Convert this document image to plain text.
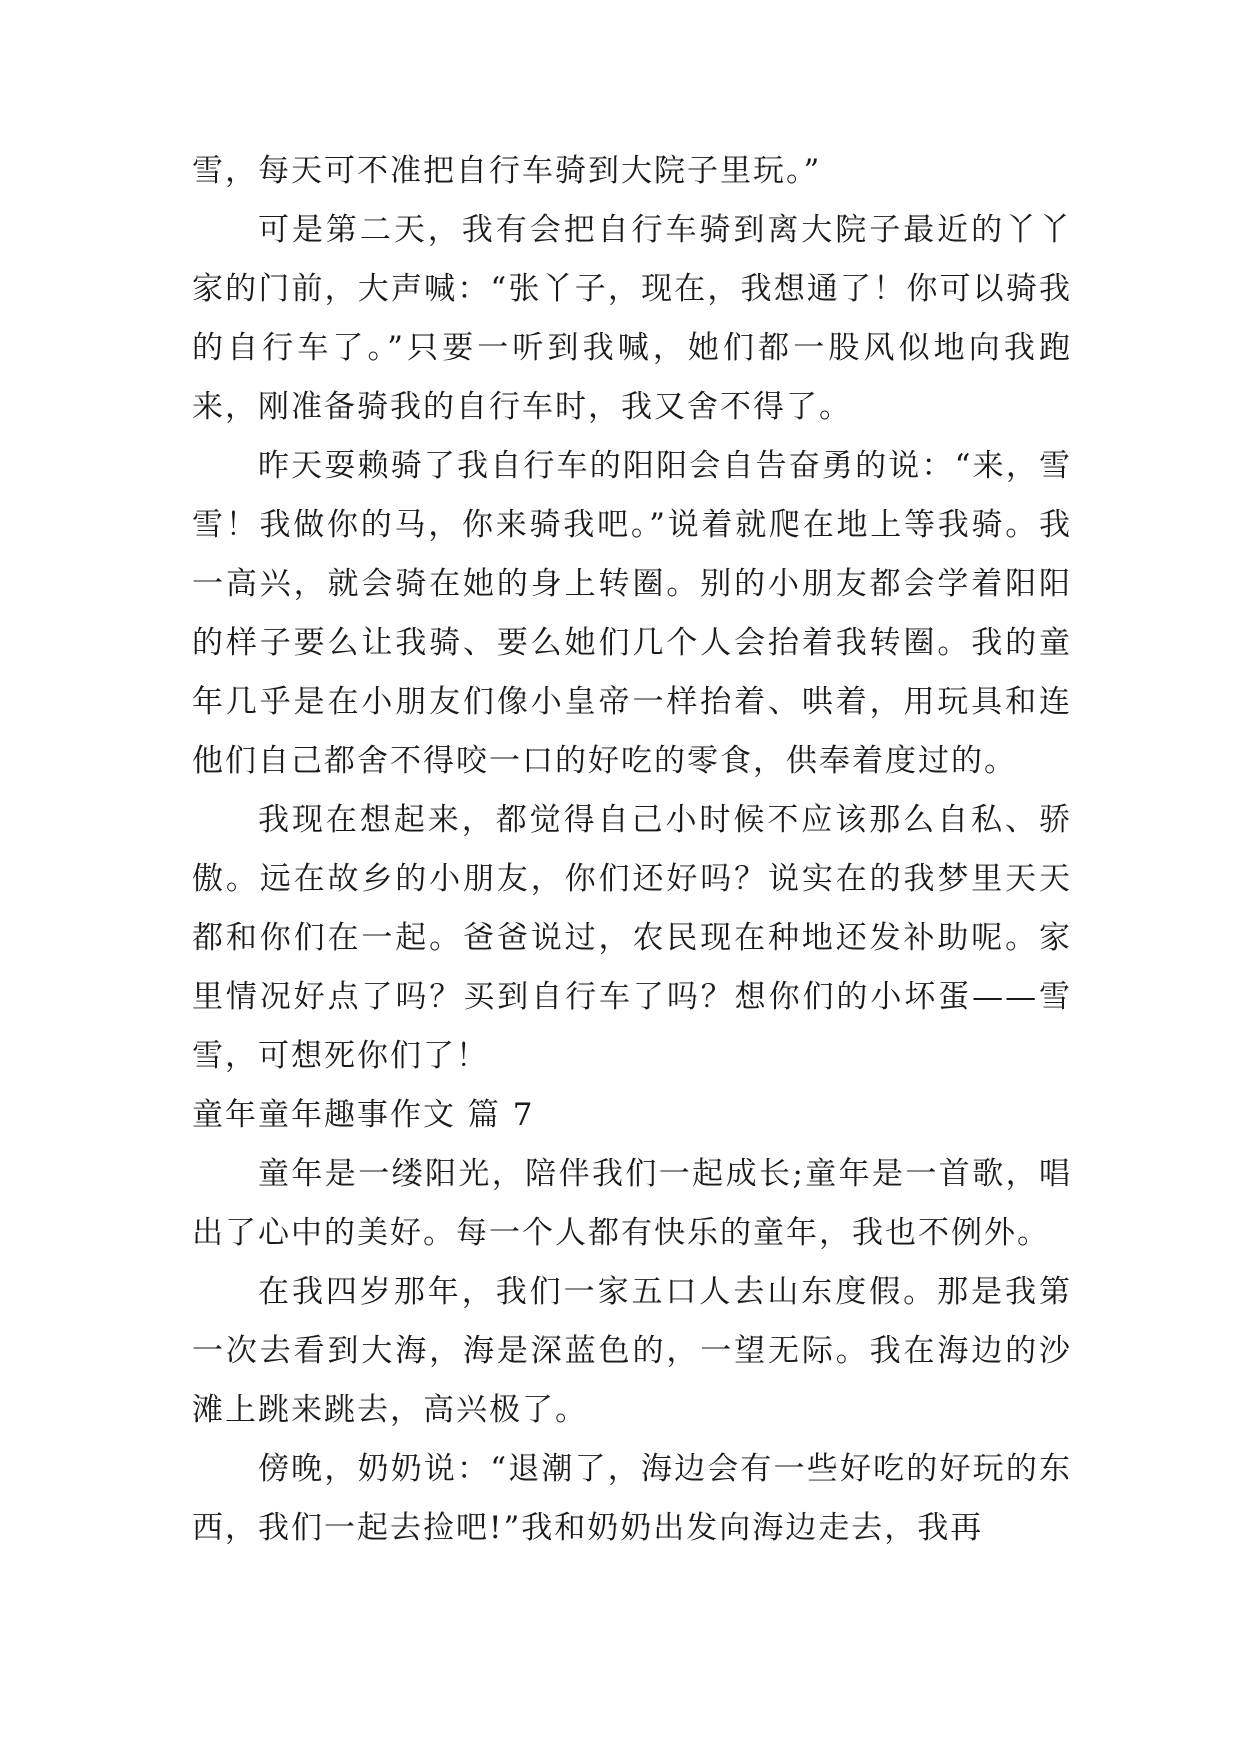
雪，每天可不准把自行车骑到大院子里玩。”

可是第二天，我有会把自行车骑到离大院子最近的丫丫家的门前，大声喊：“张丫子，现在，我想通了！你可以骑我的自行车了。”只要一听到我喊，她们都一股风似地向我跑来，刚准备骑我的自行车时，我又舍不得了。

昨天耍赖骑了我自行车的阳阳会自告奋勇的说：“来，雪雪！我做你的马，你来骑我吧。”说着就爬在地上等我骑。我一高兴，就会骑在她的身上转圈。别的小朋友都会学着阳阳的样子要么让我骑、要么她们几个人会抬着我转圈。我的童年几乎是在小朋友们像小皇帝一样抬着、哄着，用玩具和连他们自己都舍不得咬一口的好吃的零食，供奉着度过的。

我现在想起来，都觉得自己小时候不应该那么自私、骄傲。远在故乡的小朋友，你们还好吗？说实在的我梦里天天都和你们在一起。爸爸说过，农民现在种地还发补助呢。家里情况好点了吗？买到自行车了吗？想你们的小坏蛋——雪雪，可想死你们了！

童年童年趣事作文 篇 7

童年是一缕阳光，陪伴我们一起成长;童年是一首歌，唱出了心中的美好。每一个人都有快乐的童年，我也不例外。

在我四岁那年，我们一家五口人去山东度假。那是我第一次去看到大海，海是深蓝色的，一望无际。我在海边的沙滩上跳来跳去，高兴极了。

傍晚，奶奶说：“退潮了，海边会有一些好吃的好玩的东西，我们一起去捡吧!”我和奶奶出发向海边走去，我再
